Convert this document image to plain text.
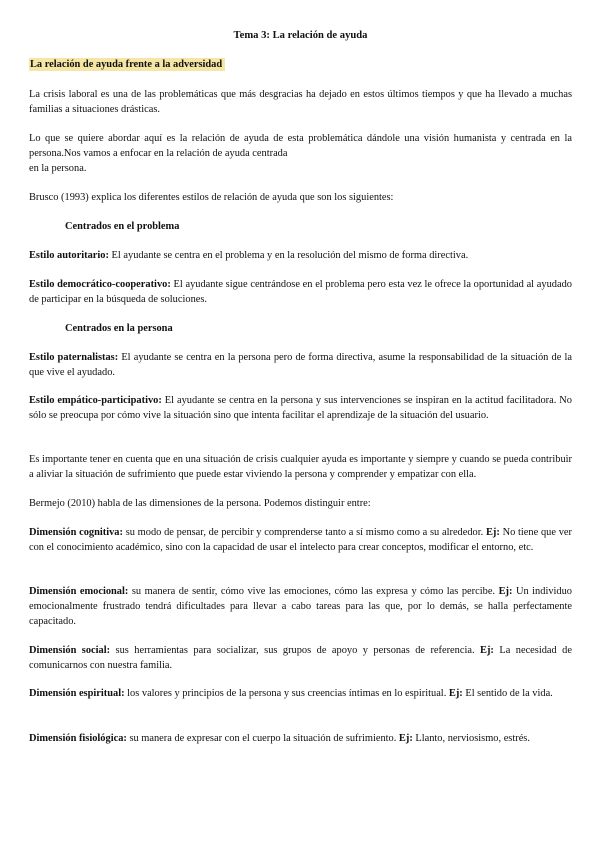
Tema 3: La relación de ayuda
La relación de ayuda frente a la adversidad

La crisis laboral es una de las problemáticas que más desgracias ha dejado en estos últimos tiempos y que ha llevado a muchas familias a situaciones drásticas.

Lo que se quiere abordar aquí es la relación de ayuda de esta problemática dándole una visión humanista y centrada en la persona.Nos vamos a enfocar en la relación de ayuda centrada
en la persona.

Brusco (1993) explica los diferentes estilos de relación de ayuda que son los siguientes:

Centrados en el problema

Estilo autoritario: El ayudante se centra en el problema y en la resolución del mismo de forma directiva.

Estilo democrático-cooperativo: El ayudante sigue centrándose en el problema pero esta vez le ofrece la oportunidad al ayudado de participar en la búsqueda de soluciones.

Centrados en la persona

Estilo paternalistas: El ayudante se centra en la persona pero de forma directiva, asume la responsabilidad de la situación de la que vive el ayudado.

Estilo empático-participativo: El ayudante se centra en la persona y sus intervenciones se inspiran en la actitud facilitadora. No sólo se preocupa por cómo vive la situación sino que intenta facilitar el aprendizaje de la situación del usuario.

Es importante tener en cuenta que en una situación de crisis cualquier ayuda es importante y siempre y cuando se pueda contribuir a aliviar la situación de sufrimiento que puede estar viviendo la persona y comprender y empatizar con ella.

Bermejo (2010) habla de las dimensiones de la persona. Podemos distinguir entre:

Dimensión cognitiva: su modo de pensar, de percibir y comprenderse tanto a sí mismo como a su alrededor. Ej: No tiene que ver con el conocimiento académico, sino con la capacidad de usar el intelecto para crear conceptos, modificar el entorno, etc.

Dimensión emocional: su manera de sentir, cómo vive las emociones, cómo las expresa y cómo las percibe. Ej: Un individuo emocionalmente frustrado tendrá dificultades para llevar a cabo tareas para las que, por lo demás, se halla perfectamente capacitado.

Dimensión social: sus herramientas para socializar, sus grupos de apoyo y personas de referencia. Ej: La necesidad de comunicarnos con nuestra familia.

Dimensión espiritual: los valores y principios de la persona y sus creencias íntimas en lo espiritual. Ej: El sentido de la vida.

Dimensión fisiológica: su manera de expresar con el cuerpo la situación de sufrimiento. Ej: Llanto, nerviosismo, estrés.
